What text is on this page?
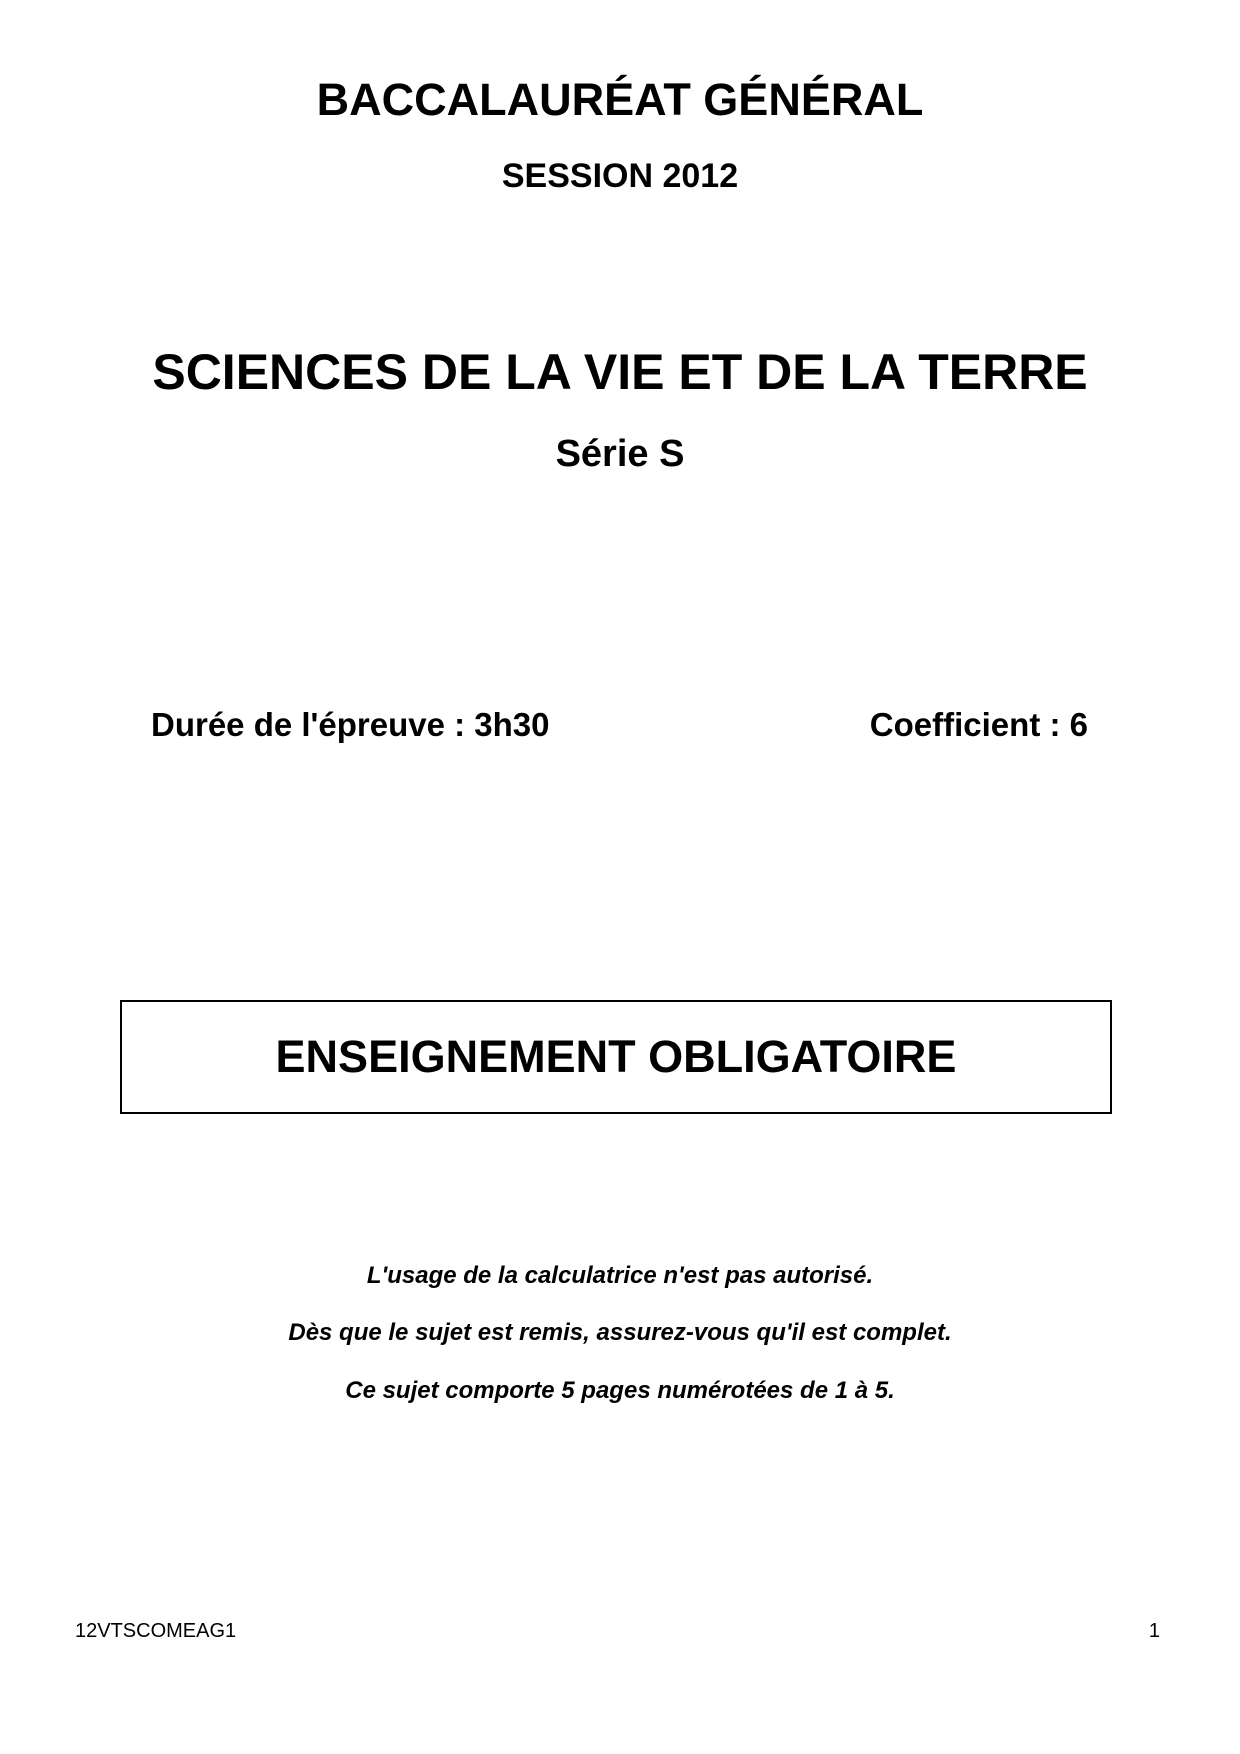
BACCALAURÉAT GÉNÉRAL
SESSION 2012
SCIENCES DE LA VIE ET DE LA TERRE
Série S
Durée de l'épreuve : 3h30	Coefficient : 6
ENSEIGNEMENT OBLIGATOIRE
L'usage de la calculatrice n'est pas autorisé.
Dès que le sujet est remis, assurez-vous qu'il est complet.
Ce sujet comporte 5 pages numérotées de 1 à 5.
12VTSCOMEAG1	1
